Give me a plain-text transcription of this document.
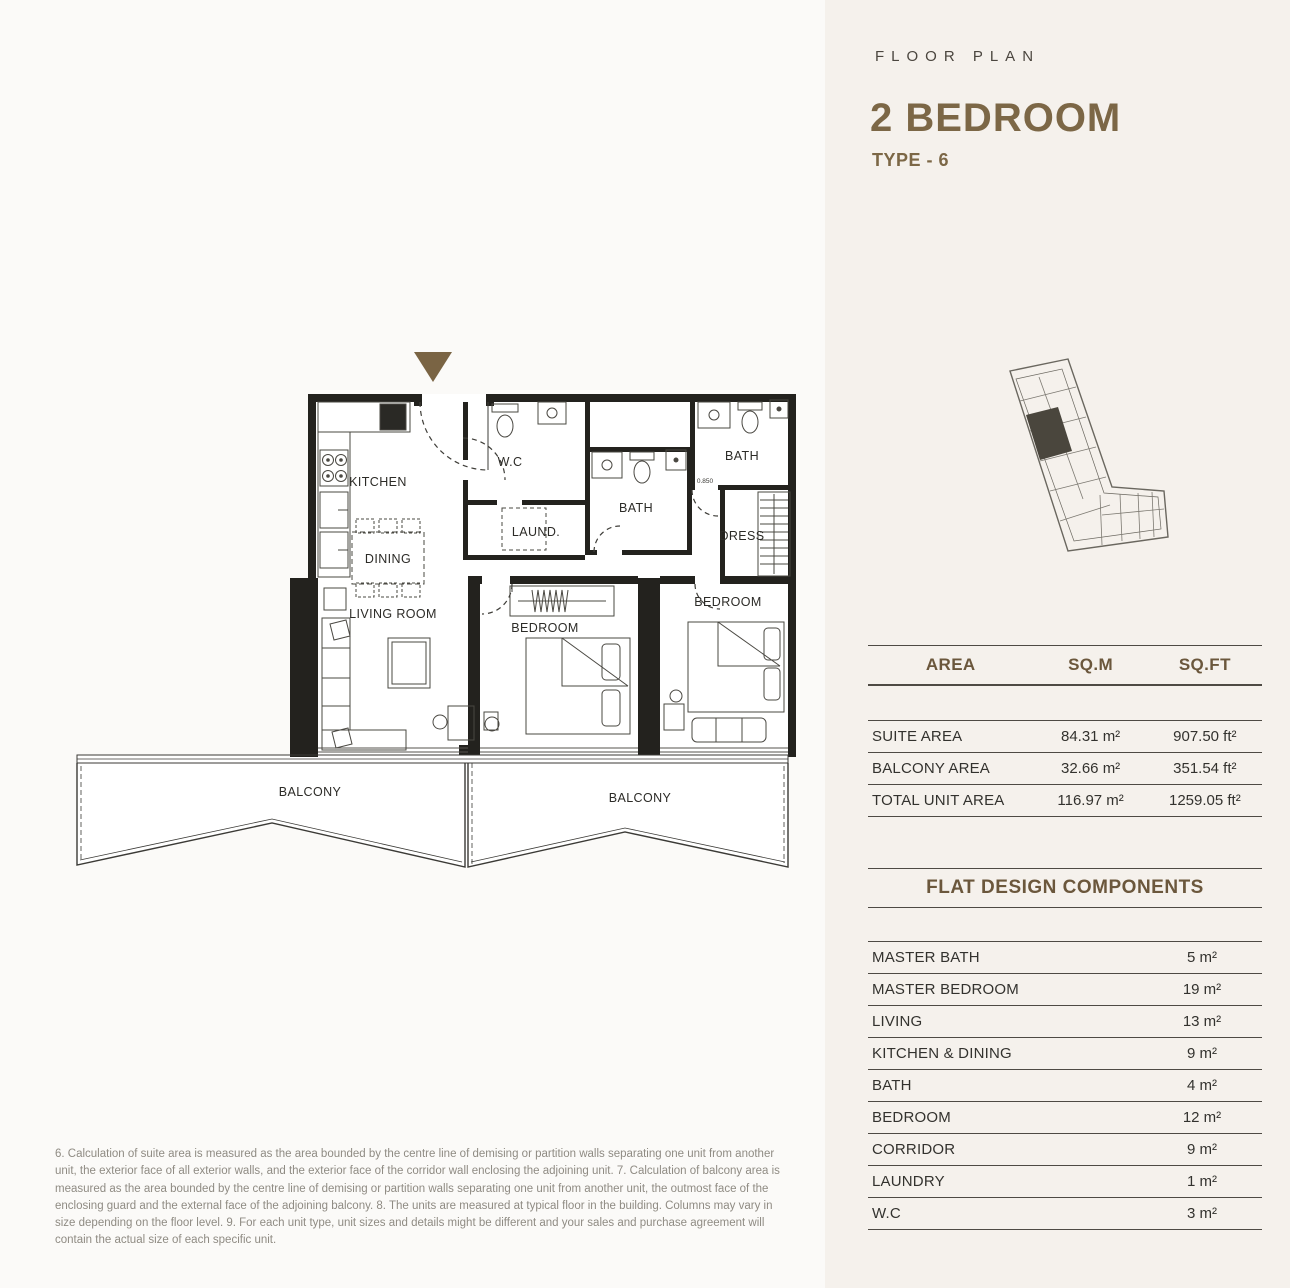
FLOOR PLAN
2 BEDROOM
TYPE - 6
KITCHEN
W.C
LAUND.
BATH
BATH
DRESS
DINING
LIVING ROOM
BEDROOM
BEDROOM
BALCONY	BALCONY
0.850
AREA	SQ.M	SQ.FT
SUITE AREA	84.31 m²	907.50 ft²
BALCONY AREA	32.66 m²	351.54 ft²
TOTAL UNIT AREA	116.97 m²	1259.05 ft²
FLAT DESIGN COMPONENTS
MASTER BATH	5 m²
MASTER BEDROOM	19 m²
LIVING	13 m²
KITCHEN & DINING	9 m²
BATH	4 m²
BEDROOM	12 m²
CORRIDOR	9 m²
LAUNDRY	1 m²
W.C	3 m²
6. Calculation of suite area is measured as the area bounded by the centre line of demising or partition walls separating one unit from another unit, the exterior face of all exterior walls, and the exterior face of the corridor wall enclosing the adjoining unit. 7. Calculation of balcony area is measured as the area bounded by the centre line of demising or partition walls separating one unit from another unit, the outmost face of the enclosing guard and the external face of the adjoining balcony. 8. The units are measured at typical floor in the building. Columns may vary in size depending on the floor level. 9. For each unit type, unit sizes and details might be different and your sales and purchase agreement will contain the actual size of each specific unit.
